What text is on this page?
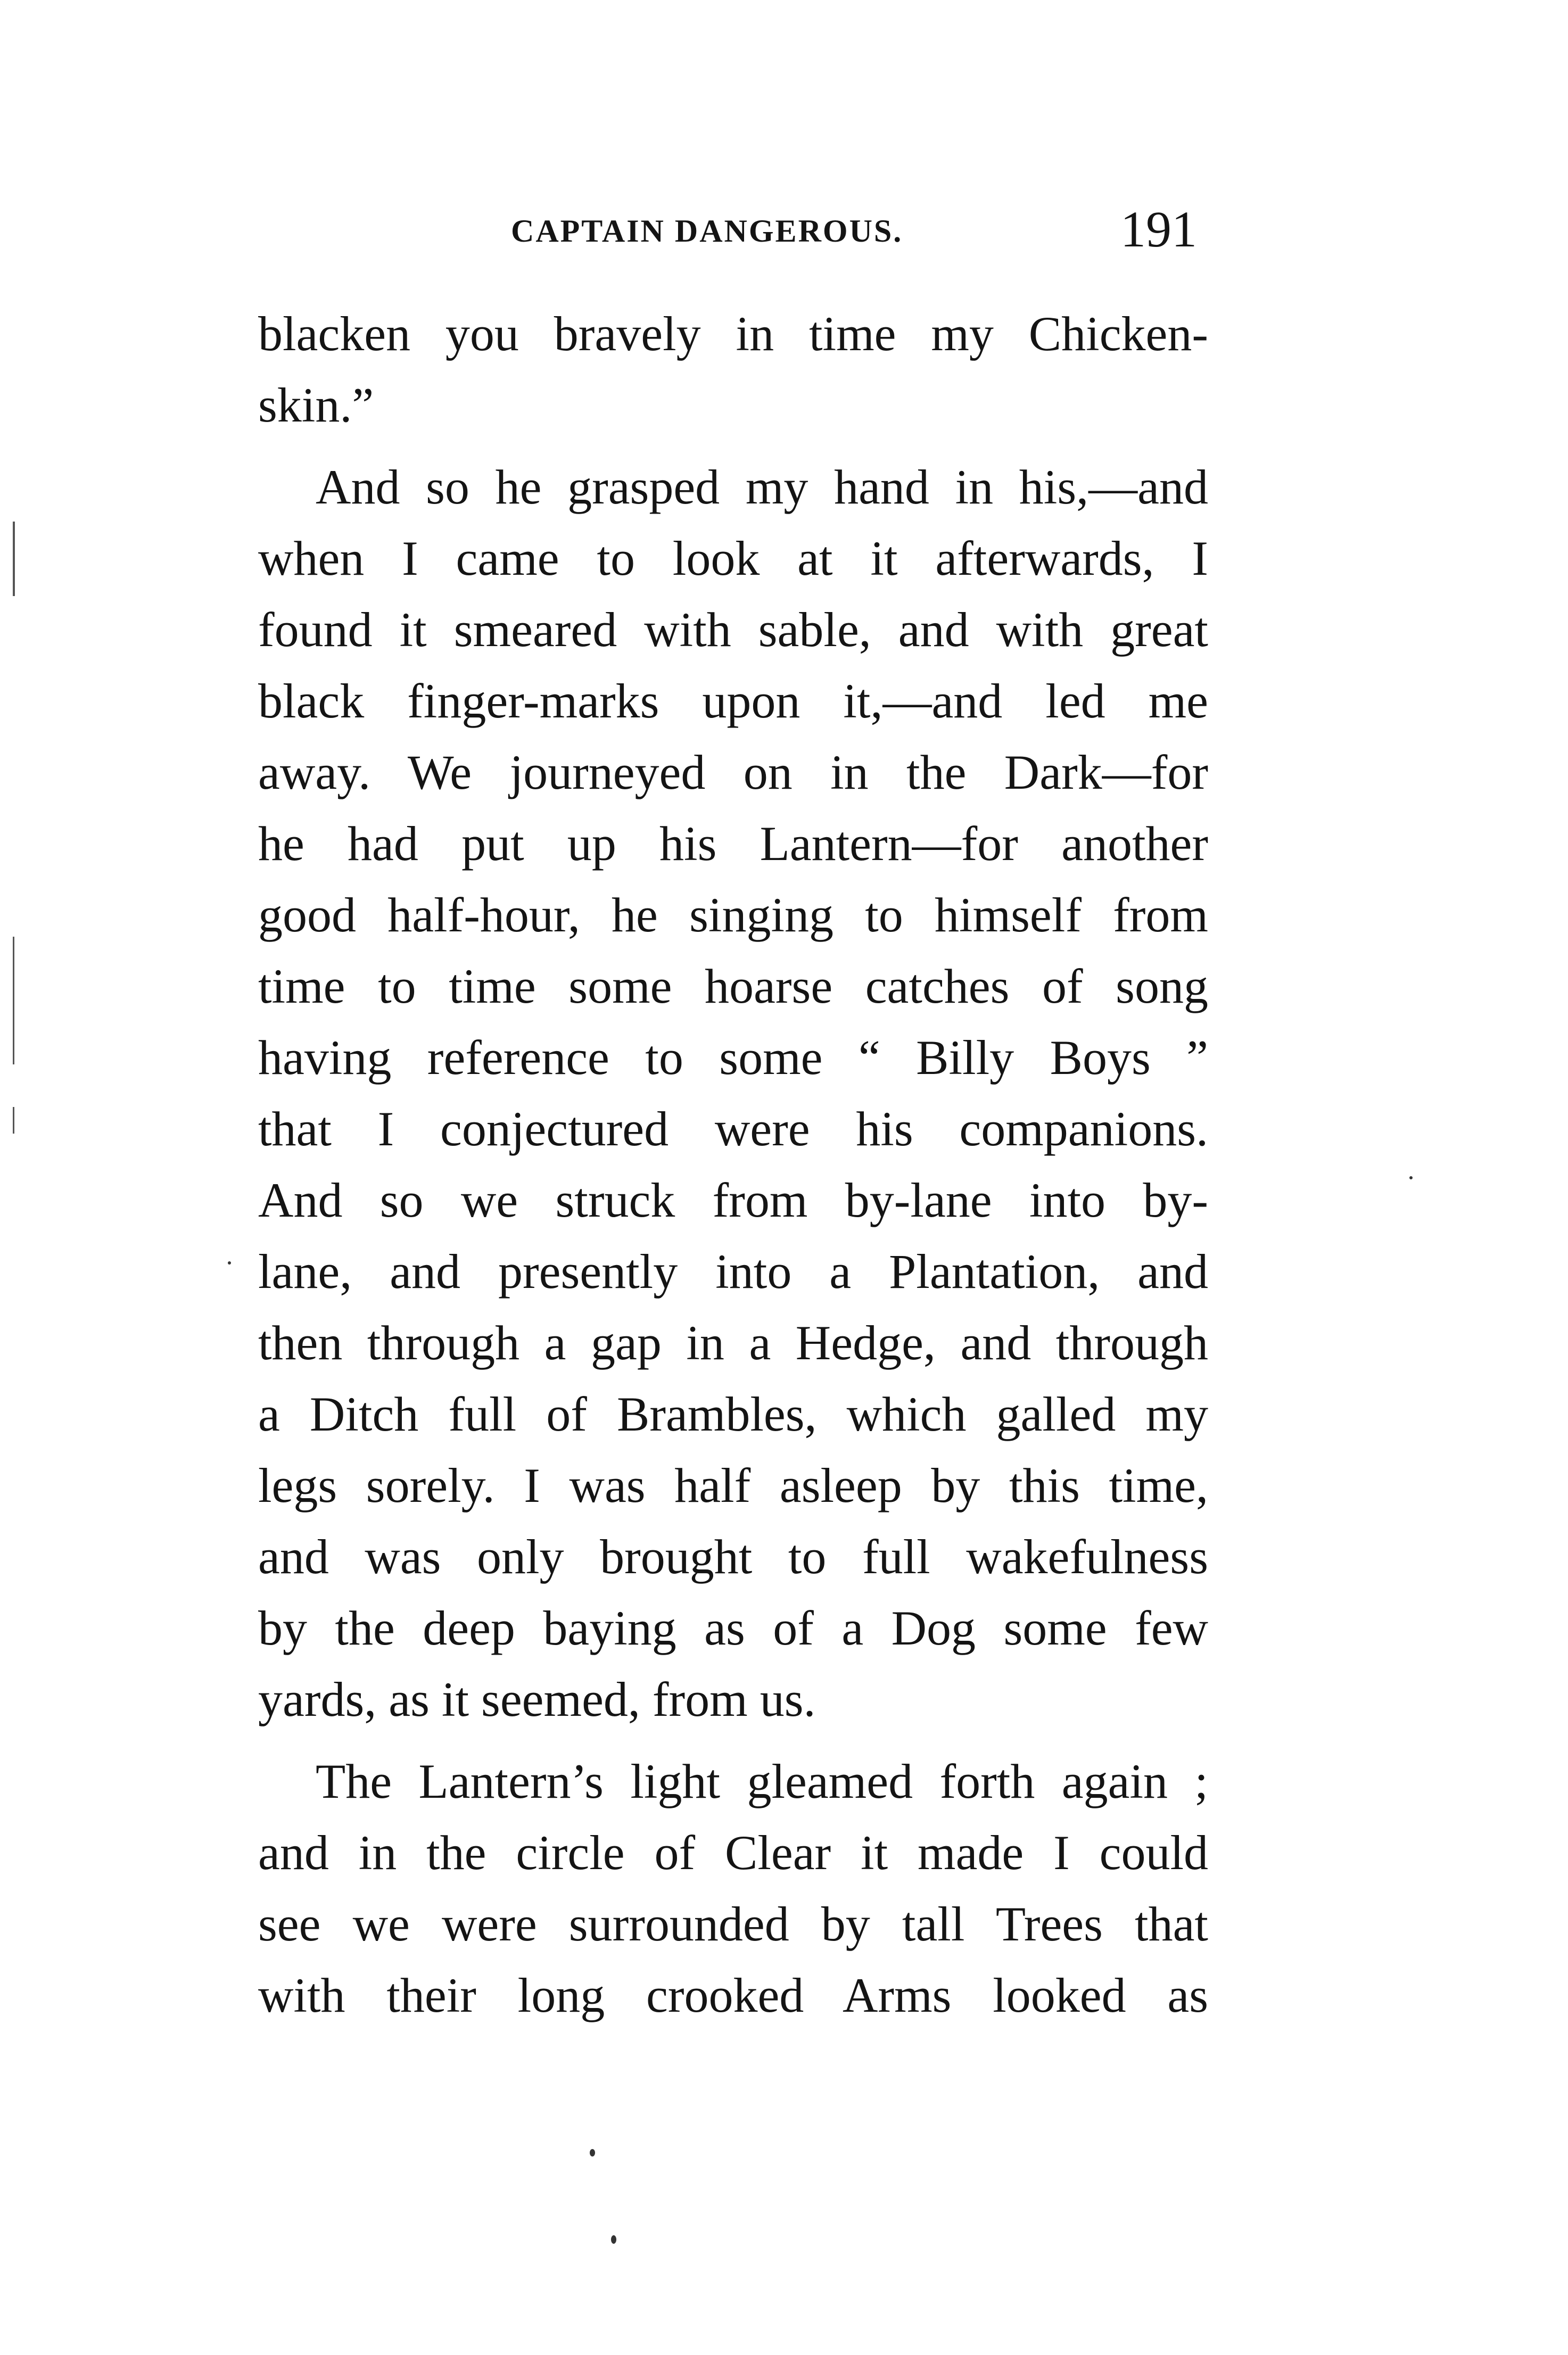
CAPTAIN DANGEROUS.	191
blacken you bravely in time my Chicken-
skin.”
And so he grasped my hand in his,—and
when I came to look at it afterwards, I
found it smeared with sable, and with great
black finger-marks upon it,—and led me
away. We journeyed on in the Dark—for
he had put up his Lantern—for another
good half-hour, he singing to himself from
time to time some hoarse catches of song
having reference to some “ Billy Boys ”
that I conjectured were his companions.
And so we struck from by-lane into by-
lane, and presently into a Plantation, and
then through a gap in a Hedge, and through
a Ditch full of Brambles, which galled my
legs sorely. I was half asleep by this time,
and was only brought to full wakefulness
by the deep baying as of a Dog some few
yards, as it seemed, from us.
The Lantern’s light gleamed forth again ;
and in the circle of Clear it made I could
see we were surrounded by tall Trees that
with their long crooked Arms looked as
